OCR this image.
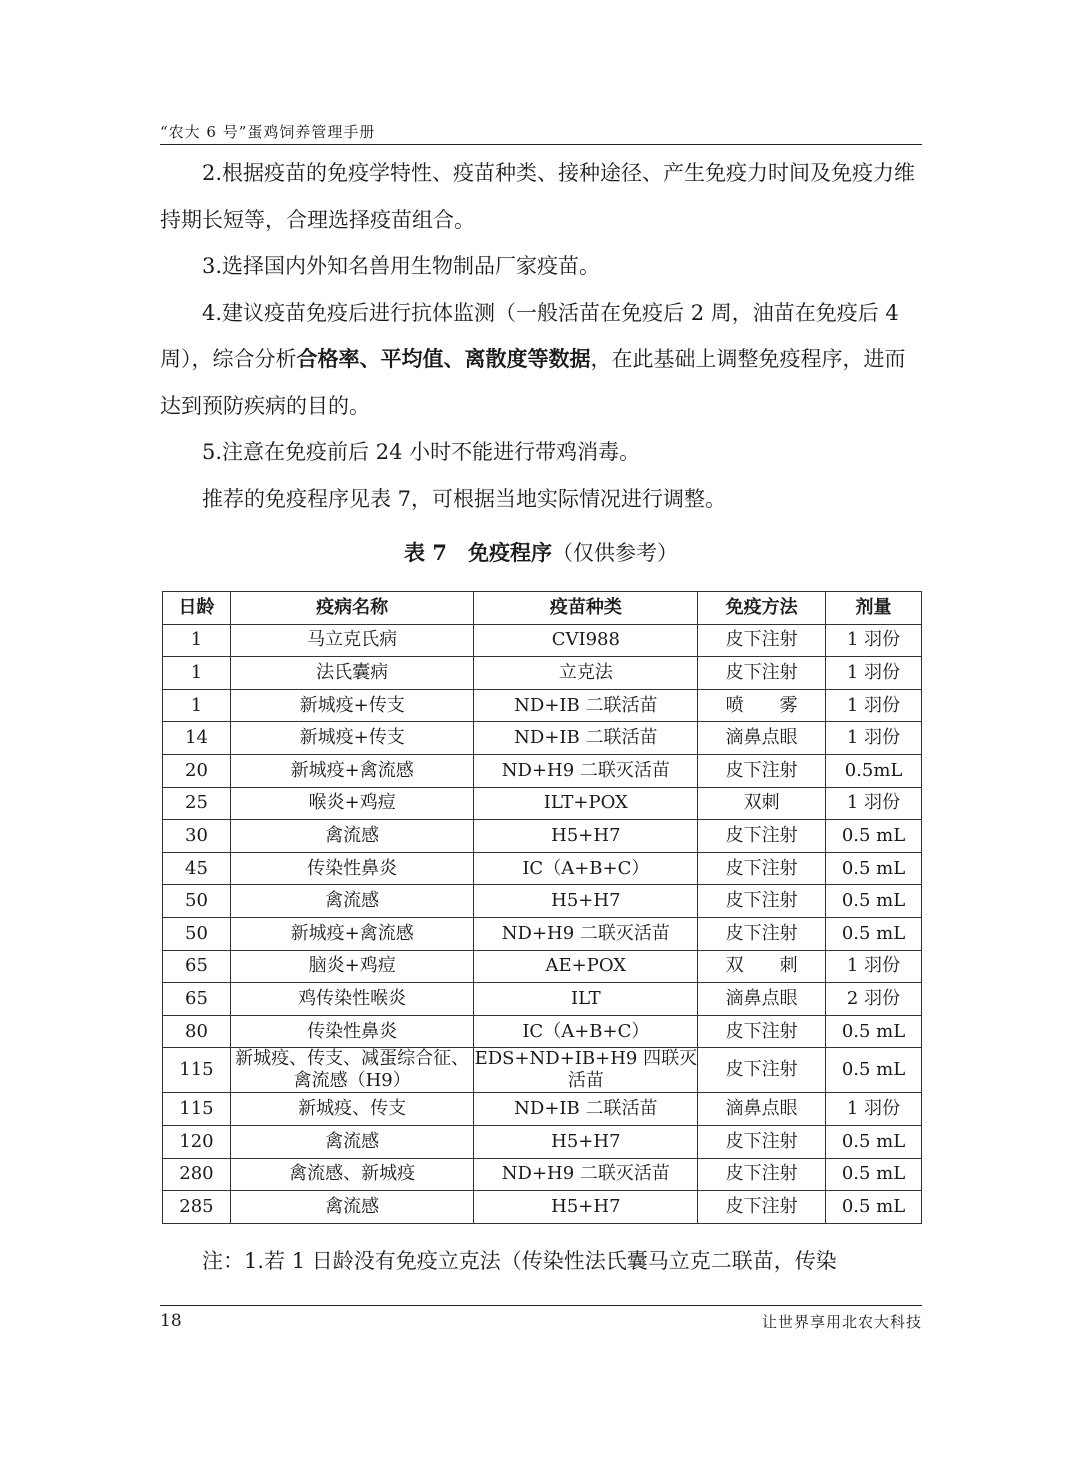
“农大 6 号”蛋鸡饲养管理手册

2.根据疫苗的免疫学特性、疫苗种类、接种途径、产生免疫力时间及免疫力维持期长短等，合理选择疫苗组合。

3.选择国内外知名兽用生物制品厂家疫苗。

4.建议疫苗免疫后进行抗体监测（一般活苗在免疫后 2 周，油苗在免疫后 4 周），综合分析合格率、平均值、离散度等数据，在此基础上调整免疫程序，进而达到预防疾病的目的。

5.注意在免疫前后 24 小时不能进行带鸡消毒。

推荐的免疫程序见表 7，可根据当地实际情况进行调整。

表 7　免疫程序（仅供参考）
日龄	疫病名称	疫苗种类	免疫方法	剂量
1	马立克氏病	CVI988	皮下注射	1 羽份
1	法氏囊病	立克法	皮下注射	1 羽份
1	新城疫+传支	ND+IB 二联活苗	喷　　雾	1 羽份
14	新城疫+传支	ND+IB 二联活苗	滴鼻点眼	1 羽份
20	新城疫+禽流感	ND+H9 二联灭活苗	皮下注射	0.5mL
25	喉炎+鸡痘	ILT+POX	双刺	1 羽份
30	禽流感	H5+H7	皮下注射	0.5 mL
45	传染性鼻炎	IC（A+B+C）	皮下注射	0.5 mL
50	禽流感	H5+H7	皮下注射	0.5 mL
50	新城疫+禽流感	ND+H9 二联灭活苗	皮下注射	0.5 mL
65	脑炎+鸡痘	AE+POX	双　　刺	1 羽份
65	鸡传染性喉炎	ILT	滴鼻点眼	2 羽份
80	传染性鼻炎	IC（A+B+C）	皮下注射	0.5 mL
115	新城疫、传支、减蛋综合征、禽流感（H9）	EDS+ND+IB+H9 四联灭活苗	皮下注射	0.5 mL
115	新城疫、传支	ND+IB 二联活苗	滴鼻点眼	1 羽份
120	禽流感	H5+H7	皮下注射	0.5 mL
280	禽流感、新城疫	ND+H9 二联灭活苗	皮下注射	0.5 mL
285	禽流感	H5+H7	皮下注射	0.5 mL
注：1.若 1 日龄没有免疫立克法（传染性法氏囊马立克二联苗，传染
18	让世界享用北农大科技
